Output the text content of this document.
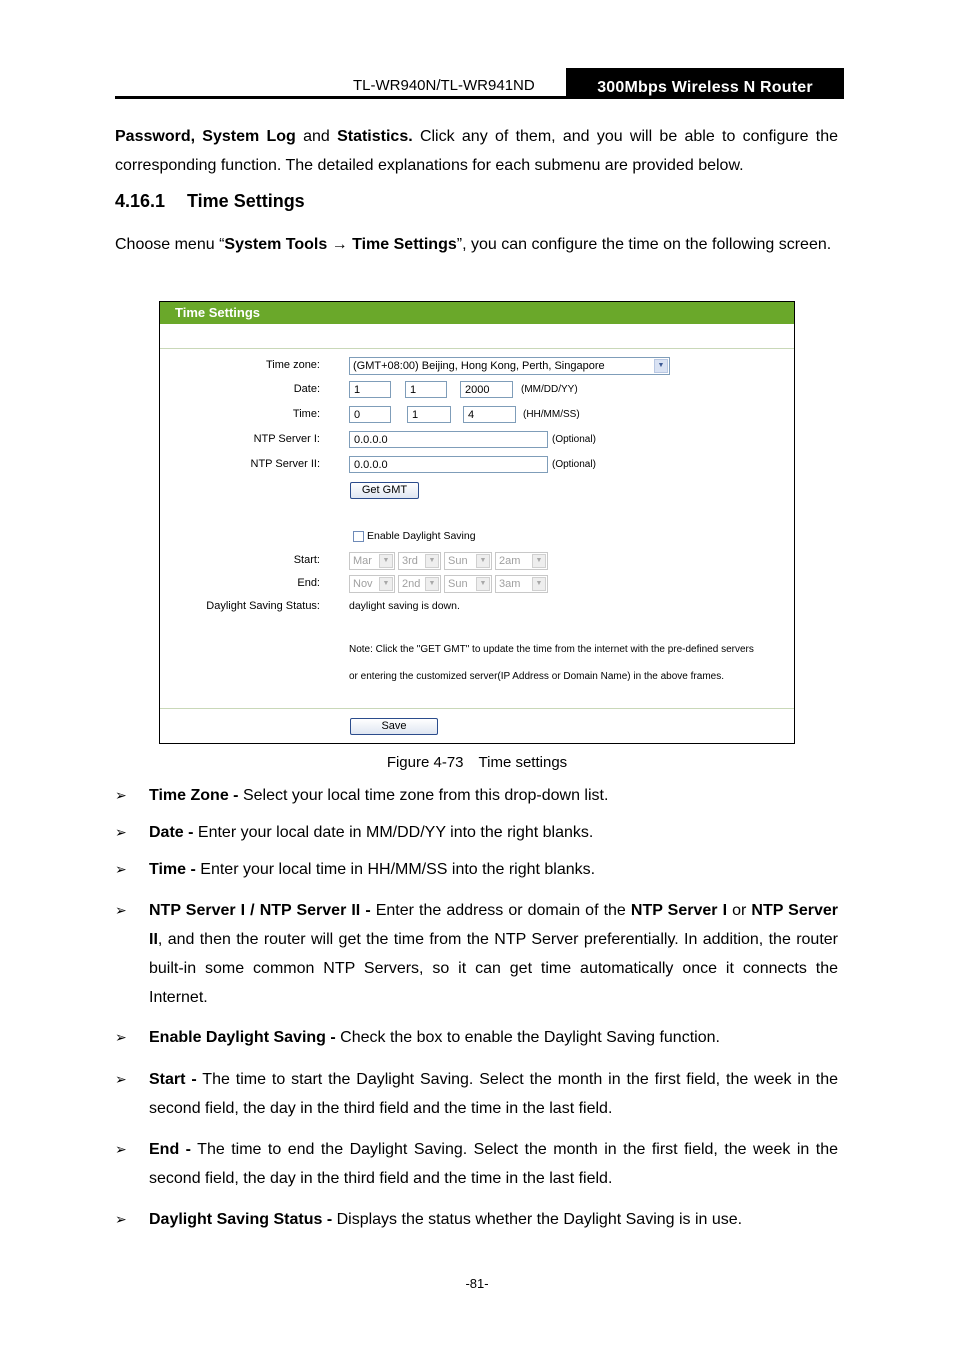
TL-WR940N/TL-WR941ND	300Mbps Wireless N Router
Password, System Log and Statistics. Click any of them, and you will be able to configure the corresponding function. The detailed explanations for each submenu are provided below.
4.16.1 Time Settings
Choose menu “System Tools → Time Settings”, you can configure the time on the following screen.
Time Settings
Time zone:	(GMT+08:00) Beijing, Hong Kong, Perth, Singapore	▼
Date:	1	1	2000	(MM/DD/YY)
Time:	0	1	4	(HH/MM/SS)
NTP Server I:	0.0.0.0	(Optional)
NTP Server II:	0.0.0.0	(Optional)
Get GMT
Enable Daylight Saving
Start:	Mar	▼	3rd	▼	Sun	▼	2am	▼
End:	Nov	▼	2nd	▼	Sun	▼	3am	▼
Daylight Saving Status:	daylight saving is down.
Note: Click the "GET GMT" to update the time from the internet with the pre-defined servers
or entering the customized server(IP Address or Domain Name) in the above frames.
Save
Figure 4-73　Time settings
➢ Time Zone - Select your local time zone from this drop-down list.
➢ Date - Enter your local date in MM/DD/YY into the right blanks.
➢ Time - Enter your local time in HH/MM/SS into the right blanks.
➢ NTP Server I / NTP Server II - Enter the address or domain of the NTP Server I or NTP Server II, and then the router will get the time from the NTP Server preferentially. In addition, the router built-in some common NTP Servers, so it can get time automatically once it connects the Internet.
➢ Enable Daylight Saving - Check the box to enable the Daylight Saving function.
➢ Start - The time to start the Daylight Saving. Select the month in the first field, the week in the second field, the day in the third field and the time in the last field.
➢ End - The time to end the Daylight Saving. Select the month in the first field, the week in the second field, the day in the third field and the time in the last field.
➢ Daylight Saving Status - Displays the status whether the Daylight Saving is in use.
-81-
